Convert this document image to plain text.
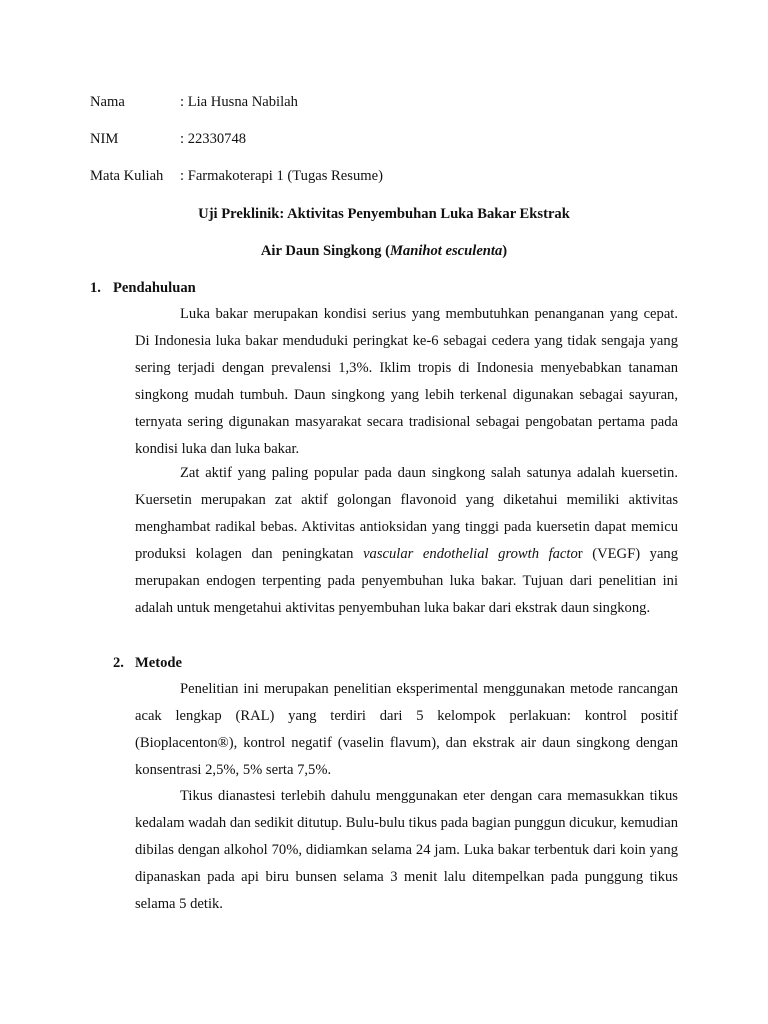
Nama	: Lia Husna Nabilah
NIM	: 22330748
Mata Kuliah : Farmakoterapi 1 (Tugas Resume)
Uji Preklinik: Aktivitas Penyembuhan Luka Bakar Ekstrak
Air Daun Singkong (Manihot esculenta)
1. Pendahuluan

Luka bakar merupakan kondisi serius yang membutuhkan penanganan yang cepat. Di Indonesia luka bakar menduduki peringkat ke-6 sebagai cedera yang tidak sengaja yang sering terjadi dengan prevalensi 1,3%. Iklim tropis di Indonesia menyebabkan tanaman singkong mudah tumbuh. Daun singkong yang lebih terkenal digunakan sebagai sayuran, ternyata sering digunakan masyarakat secara tradisional sebagai pengobatan pertama pada kondisi luka dan luka bakar.

Zat aktif yang paling popular pada daun singkong salah satunya adalah kuersetin. Kuersetin merupakan zat aktif golongan flavonoid yang diketahui memiliki aktivitas menghambat radikal bebas. Aktivitas antioksidan yang tinggi pada kuersetin dapat memicu produksi kolagen dan peningkatan vascular endothelial growth factor (VEGF) yang merupakan endogen terpenting pada penyembuhan luka bakar. Tujuan dari penelitian ini adalah untuk mengetahui aktivitas penyembuhan luka bakar dari ekstrak daun singkong.

2. Metode

Penelitian ini merupakan penelitian eksperimental menggunakan metode rancangan acak lengkap (RAL) yang terdiri dari 5 kelompok perlakuan: kontrol positif (Bioplacenton®), kontrol negatif (vaselin flavum), dan ekstrak air daun singkong dengan konsentrasi 2,5%, 5% serta 7,5%.

Tikus dianastesi terlebih dahulu menggunakan eter dengan cara memasukkan tikus kedalam wadah dan sedikit ditutup. Bulu-bulu tikus pada bagian punggun dicukur, kemudian dibilas dengan alkohol 70%, didiamkan selama 24 jam. Luka bakar terbentuk dari koin yang dipanaskan pada api biru bunsen selama 3 menit lalu ditempelkan pada punggung tikus selama 5 detik.
